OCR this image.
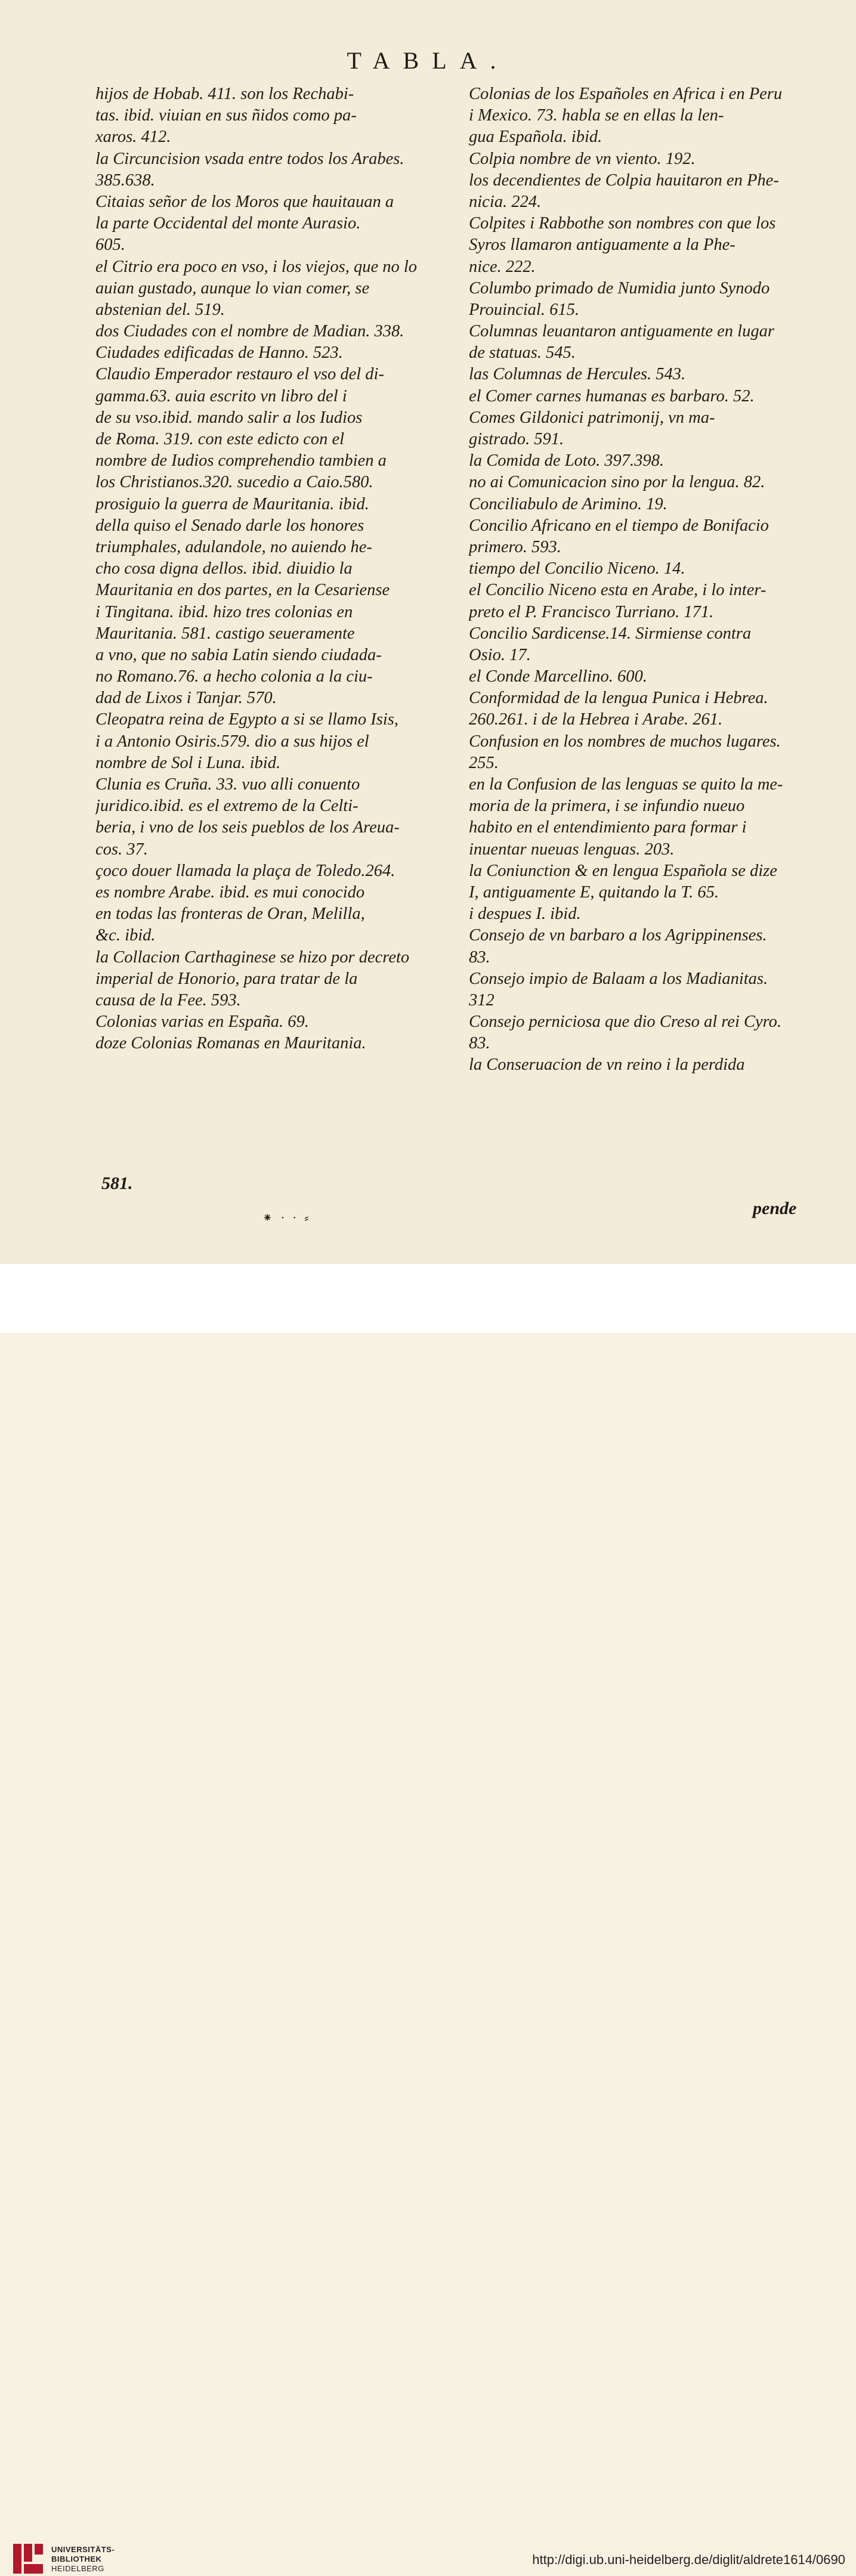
TABLA.
hijos de Hobab. 411. son los Rechabi-
tas. ibid. viuian en sus ñidos como pa-
xaros. 412.
la Circuncision vsada entre todos los Arabes.
385.638.
Citaias señor de los Moros que hauitauan a
la parte Occidental del monte Aurasio.
605.
el Citrio era poco en vso, i los viejos, que no lo
auian gustado, aunque lo vian comer, se
abstenian del. 519.
dos Ciudades con el nombre de Madian. 338.
Ciudades edificadas de Hanno. 523.
Claudio Emperador restauro el vso del di-
gamma.63. auia escrito vn libro del i
de su vso.ibid. mando salir a los Iudios
de Roma. 319. con este edicto con el
nombre de Iudios comprehendio tambien a
los Christianos.320. sucedio a Caio.580.
prosiguio la guerra de Mauritania. ibid.
della quiso el Senado darle los honores
triumphales, adulandole, no auiendo he-
cho cosa digna dellos. ibid. diuidio la
Mauritania en dos partes, en la Cesariense
i Tingitana. ibid. hizo tres colonias en
Mauritania. 581. castigo seueramente
a vno, que no sabia Latin siendo ciudada-
no Romano.76. a hecho colonia a la ciu-
dad de Lixos i Tanjar. 570.
Cleopatra reina de Egypto a si se llamo Isis,
i a Antonio Osiris.579. dio a sus hijos el
nombre de Sol i Luna. ibid.
Clunia es Cruña. 33. vuo alli conuento
juridico.ibid. es el extremo de la Celti-
beria, i vno de los seis pueblos de los Areua-
cos. 37.
çoco douer llamada la plaça de Toledo.264.
es nombre Arabe. ibid. es mui conocido
en todas las fronteras de Oran, Melilla,
&c. ibid.
la Collacion Carthaginese se hizo por decreto
imperial de Honorio, para tratar de la
causa de la Fee. 593.
Colonias varias en España. 69.
doze Colonias Romanas en Mauritania.
Colonias de los Españoles en Africa i en Peru
i Mexico. 73. habla se en ellas la len-
gua Española. ibid.
Colpia nombre de vn viento. 192.
los decendientes de Colpia hauitaron en Phe-
nicia. 224.
Colpites i Rabbothe son nombres con que los
Syros llamaron antiguamente a la Phe-
nice. 222.
Columbo primado de Numidia junto Synodo
Prouincial. 615.
Columnas leuantaron antiguamente en lugar
de statuas. 545.
las Columnas de Hercules. 543.
el Comer carnes humanas es barbaro. 52.
Comes Gildonici patrimonij, vn ma-
gistrado. 591.
la Comida de Loto. 397.398.
no ai Comunicacion sino por la lengua. 82.
Conciliabulo de Arimino. 19.
Concilio Africano en el tiempo de Bonifacio
primero. 593.
tiempo del Concilio Niceno. 14.
el Concilio Niceno esta en Arabe, i lo inter-
preto el P. Francisco Turriano. 171.
Concilio Sardicense.14. Sirmiense contra
Osio. 17.
el Conde Marcellino. 600.
Conformidad de la lengua Punica i Hebrea.
260.261. i de la Hebrea i Arabe. 261.
Confusion en los nombres de muchos lugares.
255.
en la Confusion de las lenguas se quito la me-
moria de la primera, i se infundio nueuo
habito en el entendimiento para formar i
inuentar nueuas lenguas. 203.
la Coniunction & en lengua Española se dize
I, antiguamente E, quitando la T. 65.
i despues I. ibid.
Consejo de vn barbaro a los Agrippinenses.
83.
Consejo impio de Balaam a los Madianitas.
312
Consejo perniciosa que dio Creso al rei Cyro.
83.
la Conseruacion de vn reino i la perdida
581.
pende
⁕ ⸱ ⸱ ⸗
UNIVERSITÄTS-
BIBLIOTHEK
HEIDELBERG
http://digi.ub.uni-heidelberg.de/diglit/aldrete1614/0690
